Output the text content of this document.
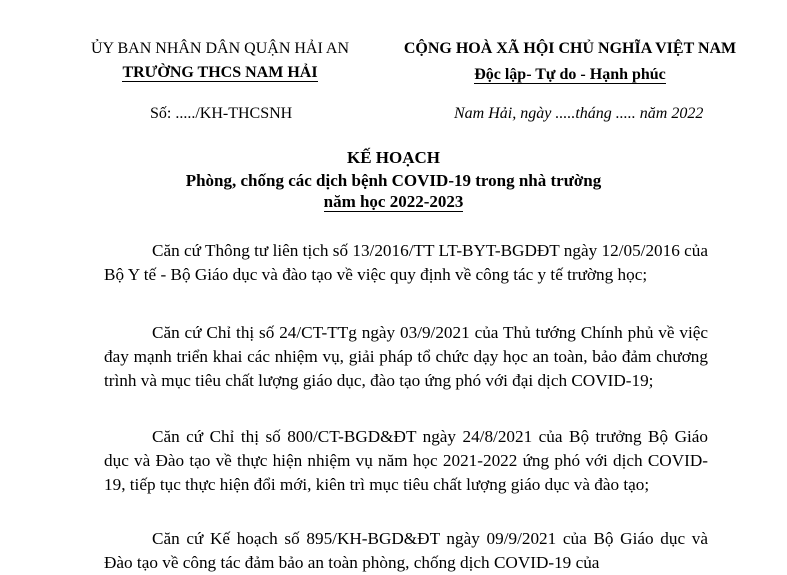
ỦY BAN NHÂN DÂN QUẬN HẢI AN
TRƯỜNG THCS NAM HẢI
Số: ...../KH-THCSNH
CỘNG HOÀ XÃ HỘI CHỦ NGHĨA VIỆT NAM
Độc lập- Tự do - Hạnh phúc
Nam Hải, ngày .....tháng ..... năm 2022
KẾ HOẠCH
Phòng, chống các dịch bệnh COVID-19 trong nhà trường
năm học 2022-2023

Căn cứ Thông tư liên tịch số 13/2016/TT LT-BYT-BGDĐT ngày 12/05/2016 của Bộ Y tế - Bộ Giáo dục và đào tạo về việc quy định về công tác y tế trường học;

Căn cứ Chỉ thị số 24/CT-TTg ngày 03/9/2021 của Thủ tướng Chính phủ về việc đay mạnh triển khai các nhiệm vụ, giải pháp tổ chức dạy học an toàn, bảo đảm chương trình và mục tiêu chất lượng giáo dục, đào tạo ứng phó với đại dịch COVID-19;

Căn cứ Chỉ thị số 800/CT-BGD&ĐT ngày 24/8/2021 của Bộ trưởng Bộ Giáo dục và Đào tạo về thực hiện nhiệm vụ năm học 2021-2022 ứng phó với dịch COVID-19, tiếp tục thực hiện đổi mới, kiên trì mục tiêu chất lượng giáo dục và đào tạo;

Căn cứ Kế hoạch số 895/KH-BGD&ĐT ngày 09/9/2021 của Bộ Giáo dục và Đào tạo về công tác đảm bảo an toàn phòng, chống dịch COVID-19 của
